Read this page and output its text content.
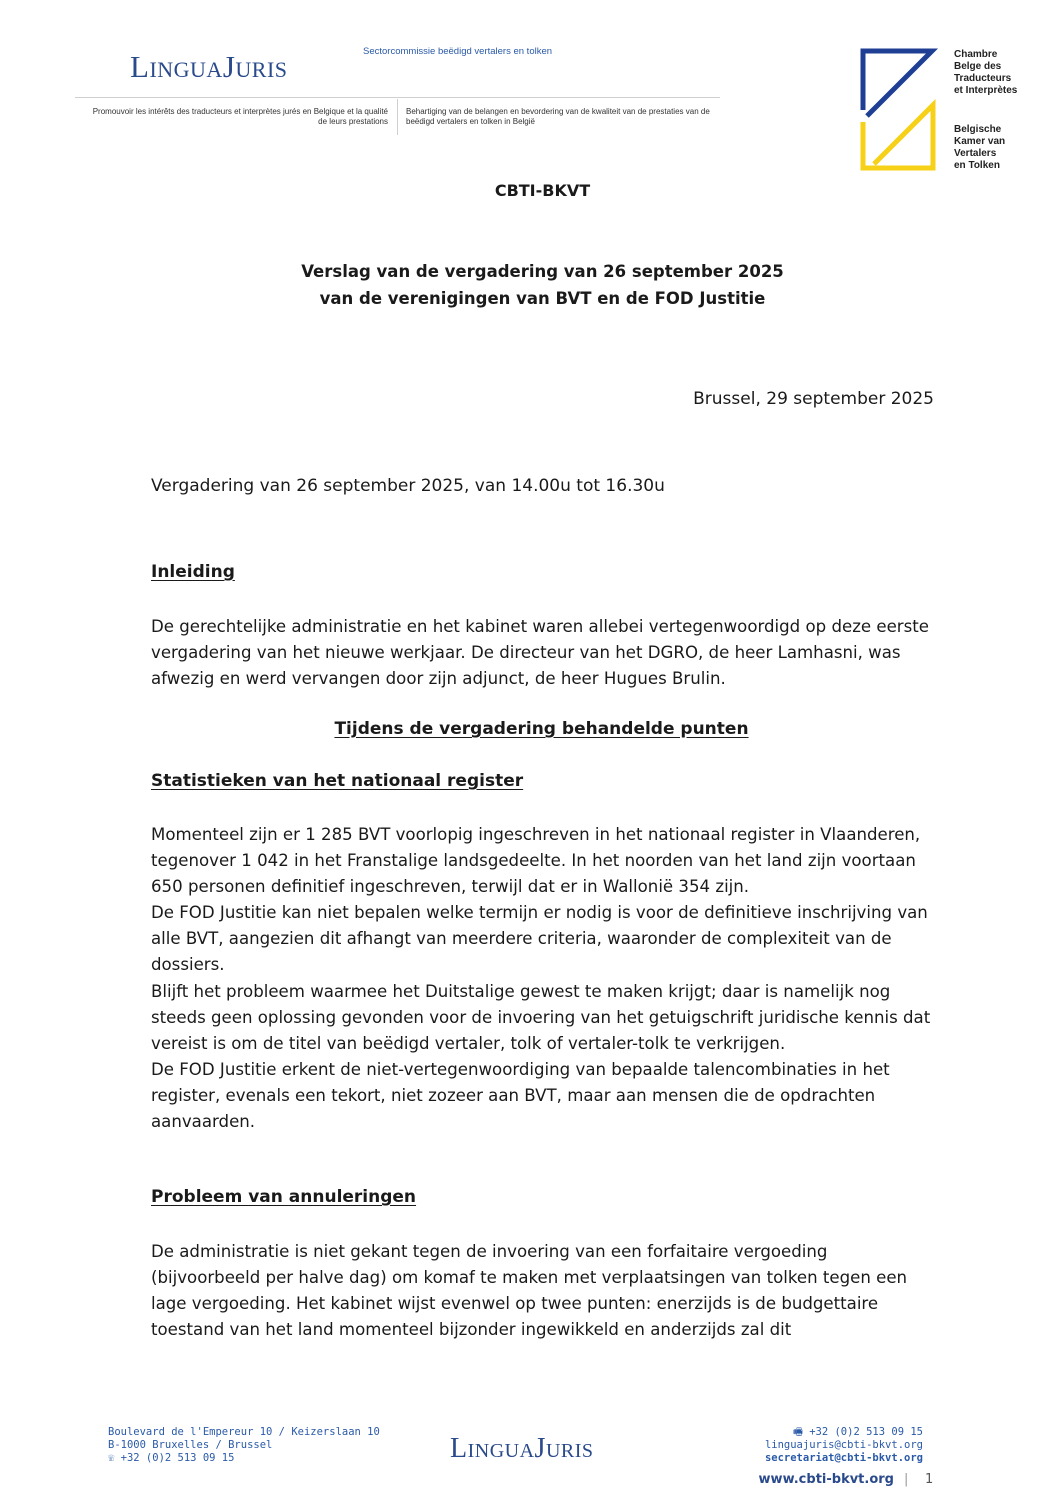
LINGUAJURIS
Sectorcommissie beëdigd vertalers en tolken
Promouvoir les intérêts des traducteurs et interprètes jurés en Belgique et la qualité de leurs prestations
Behartiging van de belangen en bevordering van de kwaliteit van de prestaties van de beëdigd vertalers en tolken in België
Chambre
Belge des
Traducteurs
et Interprètes
Belgische
Kamer van
Vertalers
en Tolken
CBTI-BKVT
Verslag van de vergadering van 26 september 2025
van de verenigingen van BVT en de FOD Justitie
Brussel, 29 september 2025
Vergadering van 26 september 2025, van 14.00u tot 16.30u
Inleiding

De gerechtelijke administratie en het kabinet waren allebei vertegenwoordigd op deze eerste vergadering van het nieuwe werkjaar. De directeur van het DGRO, de heer Lamhasni, was afwezig en werd vervangen door zijn adjunct, de heer Hugues Brulin.

Tijdens de vergadering behandelde punten
Statistieken van het nationaal register

Momenteel zijn er 1 285 BVT voorlopig ingeschreven in het nationaal register in Vlaanderen, tegenover 1 042 in het Franstalige landsgedeelte. In het noorden van het land zijn voortaan 650 personen definitief ingeschreven, terwijl dat er in Wallonië 354 zijn.

De FOD Justitie kan niet bepalen welke termijn er nodig is voor de definitieve inschrijving van alle BVT, aangezien dit afhangt van meerdere criteria, waaronder de complexiteit van de dossiers.

Blijft het probleem waarmee het Duitstalige gewest te maken krijgt; daar is namelijk nog steeds geen oplossing gevonden voor de invoering van het getuigschrift juridische kennis dat vereist is om de titel van beëdigd vertaler, tolk of vertaler-tolk te verkrijgen.

De FOD Justitie erkent de niet-vertegenwoordiging van bepaalde talencombinaties in het register, evenals een tekort, niet zozeer aan BVT, maar aan mensen die de opdrachten aanvaarden.

Probleem van annuleringen

De administratie is niet gekant tegen de invoering van een forfaitaire vergoeding (bijvoorbeeld per halve dag) om komaf te maken met verplaatsingen van tolken tegen een lage vergoeding. Het kabinet wijst evenwel op twee punten: enerzijds is de budgettaire toestand van het land momenteel bijzonder ingewikkeld en anderzijds zal dit

Boulevard de l'Empereur 10 / Keizerslaan 10
B-1000 Bruxelles / Brussel
☏ +32 (0)2 513 09 15	LINGUAJURIS
🖷 +32 (0)2 513 09 15
linguajuris@cbti-bkvt.org
secretariat@cbti-bkvt.org
www.cbti-bkvt.org | 1
